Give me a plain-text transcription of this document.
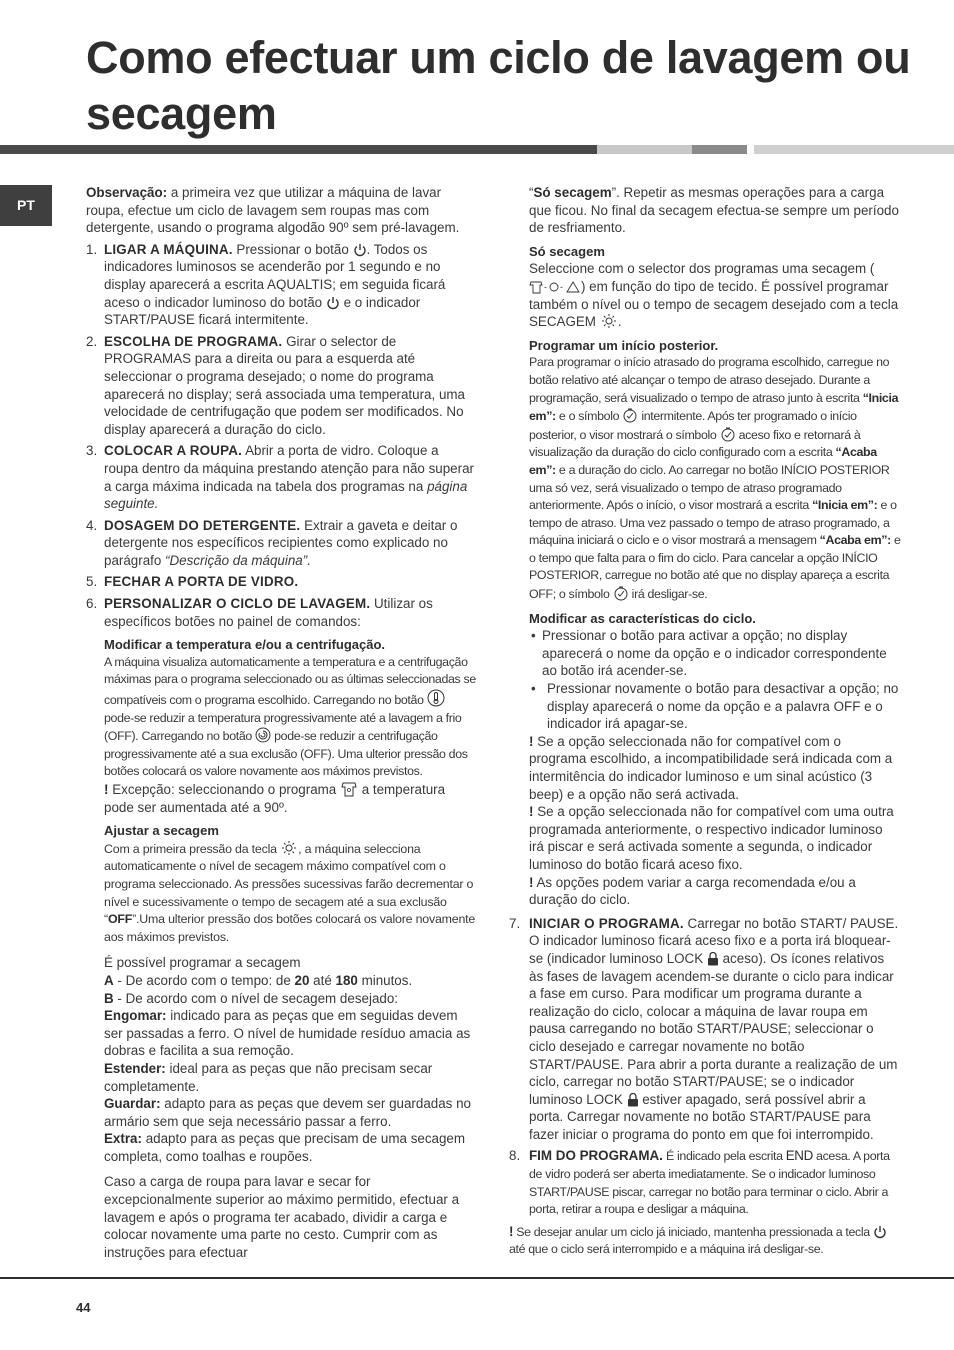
Como efectuar um ciclo de lavagem ou secagem
PT

Observação: a primeira vez que utilizar a máquina de lavar roupa, efectue um ciclo de lavagem sem roupas mas com detergente, usando o programa algodão 90º sem pré-lavagem.

1. LIGAR A MÁQUINA. Pressionar o botão . Todos os indicadores luminosos se acenderão por 1 segundo e no display aparecerá a escrita AQUALTIS; em seguida ficará aceso o indicador luminoso do botão  e o indicador START/PAUSE ficará intermitente.
2. ESCOLHA DE PROGRAMA. Girar o selector de PROGRAMAS para a direita ou para a esquerda até seleccionar o programa desejado; o nome do programa aparecerá no display; será associada uma temperatura, uma velocidade de centrifugação que podem ser modificados. No display aparecerá a duração do ciclo.
3. COLOCAR A ROUPA. Abrir a porta de vidro. Coloque a roupa dentro da máquina prestando atenção para não superar a carga máxima indicada na tabela dos programas na página seguinte.
4. DOSAGEM DO DETERGENTE. Extrair a gaveta e deitar o detergente nos específicos recipientes como explicado no parágrafo “Descrição da máquina”.
5. FECHAR A PORTA DE VIDRO.
6. PERSONALIZAR O CICLO DE LAVAGEM. Utilizar os específicos botões no painel de comandos:

Modificar a temperatura e/ou a centrifugação.

A máquina visualiza automaticamente a temperatura e a centrifugação máximas para o programa seleccionado ou as últimas seleccionadas se compatíveis com o programa escolhido. Carregando no botão  pode-se reduzir a temperatura progressivamente até a lavagem a frio (OFF). Carregando no botão  pode-se reduzir a centrifugação progressivamente até a sua exclusão (OFF). Uma ulterior pressão dos botões colocará os valore novamente aos máximos previstos.

! Excepção: seleccionando o programa  a temperatura pode ser aumentada até a 90º.

Ajustar a secagem

Com a primeira pressão da tecla , a máquina selecciona automaticamente o nível de secagem máximo compatível com o programa seleccionado. As pressões sucessivas farão decrementar o nível e sucessivamente o tempo de secagem até a sua exclusão “OFF”.Uma ulterior pressão dos botões colocará os valore novamente aos máximos previstos.

É possível programar a secagem

A - De acordo com o tempo: de 20 até 180 minutos.

B - De acordo com o nível de secagem desejado:

Engomar: indicado para as peças que em seguidas devem ser passadas a ferro. O nível de humidade resíduo amacia as dobras e facilita a sua remoção.

Estender: ideal para as peças que não precisam secar completamente.

Guardar: adapto para as peças que devem ser guardadas no armário sem que seja necessário passar a ferro.

Extra: adapto para as peças que precisam de uma secagem completa, como toalhas e roupões.

Caso a carga de roupa para lavar e secar for excepcionalmente superior ao máximo permitido, efectuar a lavagem e após o programa ter acabado, dividir a carga e colocar novamente uma parte no cesto. Cumprir com as instruções para efectuar

“Só secagem”. Repetir as mesmas operações para a carga que ficou. No final da secagem efectua-se sempre um período de resfriamento.

Só secagem

Seleccione com o selector dos programas uma secagem (
- - ) em função do tipo de tecido. É possível programar também o nível ou o tempo de secagem desejado com a tecla SECAGEM .

Programar um início posterior.

Para programar o início atrasado do programa escolhido, carregue no botão relativo até alcançar o tempo de atraso desejado. Durante a programação, será visualizado o tempo de atraso junto à escrita “Inicia em”: e o símbolo  intermitente. Após ter programado o início posterior, o visor mostrará o símbolo  aceso fixo e retornará à visualização da duração do ciclo configurado com a escrita “Acaba em”: e a duração do ciclo. Ao carregar no botão INÍCIO POSTERIOR uma só vez, será visualizado o tempo de atraso programado anteriormente. Após o início, o visor mostrará a escrita “Inicia em”: e o tempo de atraso. Uma vez passado o tempo de atraso programado, a máquina iniciará o ciclo e o visor mostrará a mensagem “Acaba em”: e o tempo que falta para o fim do ciclo. Para cancelar a opção INÍCIO POSTERIOR, carregue no botão até que no display apareça a escrita OFF; o símbolo  irá desligar-se.

Modificar as características do ciclo.

• Pressionar o botão para activar a opção; no display aparecerá o nome da opção e o indicador correspondente ao botão irá acender-se.
• Pressionar novamente o botão para desactivar a opção; no display aparecerá o nome da opção e a palavra OFF e o indicador irá apagar-se.

! Se a opção seleccionada não for compatível com o programa escolhido, a incompatibilidade será indicada com a intermitência do indicador luminoso e um sinal acústico (3 beep) e a opção não será activada.

! Se a opção seleccionada não for compatível com uma outra programada anteriormente, o respectivo indicador luminoso irá piscar e será activada somente a segunda, o indicador luminoso do botão ficará aceso fixo.

! As opções podem variar a carga recomendada e/ou a duração do ciclo.

7. INICIAR O PROGRAMA. Carregar no botão START/ PAUSE. O indicador luminoso ficará aceso fixo e a porta irá bloquear-se (indicador luminoso LOCK  aceso). Os ícones relativos às fases de lavagem acendem-se durante o ciclo para indicar a fase em curso. Para modificar um programa durante a realização do ciclo, colocar a máquina de lavar roupa em pausa carregando no botão START/PAUSE; seleccionar o ciclo desejado e carregar novamente no botão START/PAUSE. Para abrir a porta durante a realização de um ciclo, carregar no botão START/PAUSE; se o indicador luminoso LOCK  estiver apagado, será possível abrir a porta. Carregar novamente no botão START/PAUSE para fazer iniciar o programa do ponto em que foi interrompido.
8. FIM DO PROGRAMA. É indicado pela escrita END acesa. A porta de vidro poderá ser aberta imediatamente. Se o indicador luminoso START/PAUSE piscar, carregar no botão para terminar o ciclo. Abrir a porta, retirar a roupa e desligar a máquina.

! Se desejar anular um ciclo já iniciado, mantenha pressionada a tecla  até que o ciclo será interrompido e a máquina irá desligar-se.

44
